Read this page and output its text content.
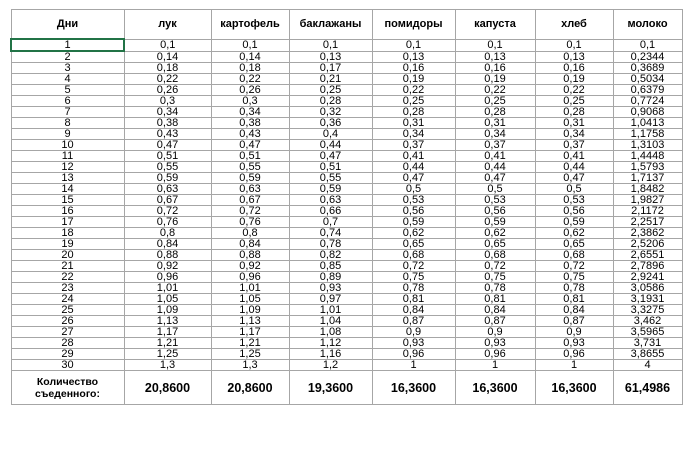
Дни	лук	картофель	баклажаны	помидоры	капуста	хлеб	молоко
1	0,1	0,1	0,1	0,1	0,1	0,1	0,1
2	0,14	0,14	0,13	0,13	0,13	0,13	0,2344
3	0,18	0,18	0,17	0,16	0,16	0,16	0,3689
4	0,22	0,22	0,21	0,19	0,19	0,19	0,5034
5	0,26	0,26	0,25	0,22	0,22	0,22	0,6379
6	0,3	0,3	0,28	0,25	0,25	0,25	0,7724
7	0,34	0,34	0,32	0,28	0,28	0,28	0,9068
8	0,38	0,38	0,36	0,31	0,31	0,31	1,0413
9	0,43	0,43	0,4	0,34	0,34	0,34	1,1758
10	0,47	0,47	0,44	0,37	0,37	0,37	1,3103
11	0,51	0,51	0,47	0,41	0,41	0,41	1,4448
12	0,55	0,55	0,51	0,44	0,44	0,44	1,5793
13	0,59	0,59	0,55	0,47	0,47	0,47	1,7137
14	0,63	0,63	0,59	0,5	0,5	0,5	1,8482
15	0,67	0,67	0,63	0,53	0,53	0,53	1,9827
16	0,72	0,72	0,66	0,56	0,56	0,56	2,1172
17	0,76	0,76	0,7	0,59	0,59	0,59	2,2517
18	0,8	0,8	0,74	0,62	0,62	0,62	2,3862
19	0,84	0,84	0,78	0,65	0,65	0,65	2,5206
20	0,88	0,88	0,82	0,68	0,68	0,68	2,6551
21	0,92	0,92	0,85	0,72	0,72	0,72	2,7896
22	0,96	0,96	0,89	0,75	0,75	0,75	2,9241
23	1,01	1,01	0,93	0,78	0,78	0,78	3,0586
24	1,05	1,05	0,97	0,81	0,81	0,81	3,1931
25	1,09	1,09	1,01	0,84	0,84	0,84	3,3275
26	1,13	1,13	1,04	0,87	0,87	0,87	3,462
27	1,17	1,17	1,08	0,9	0,9	0,9	3,5965
28	1,21	1,21	1,12	0,93	0,93	0,93	3,731
29	1,25	1,25	1,16	0,96	0,96	0,96	3,8655
30	1,3	1,3	1,2	1	1	1	4
Количество съеденного:	20,8600	20,8600	19,3600	16,3600	16,3600	16,3600	61,4986
